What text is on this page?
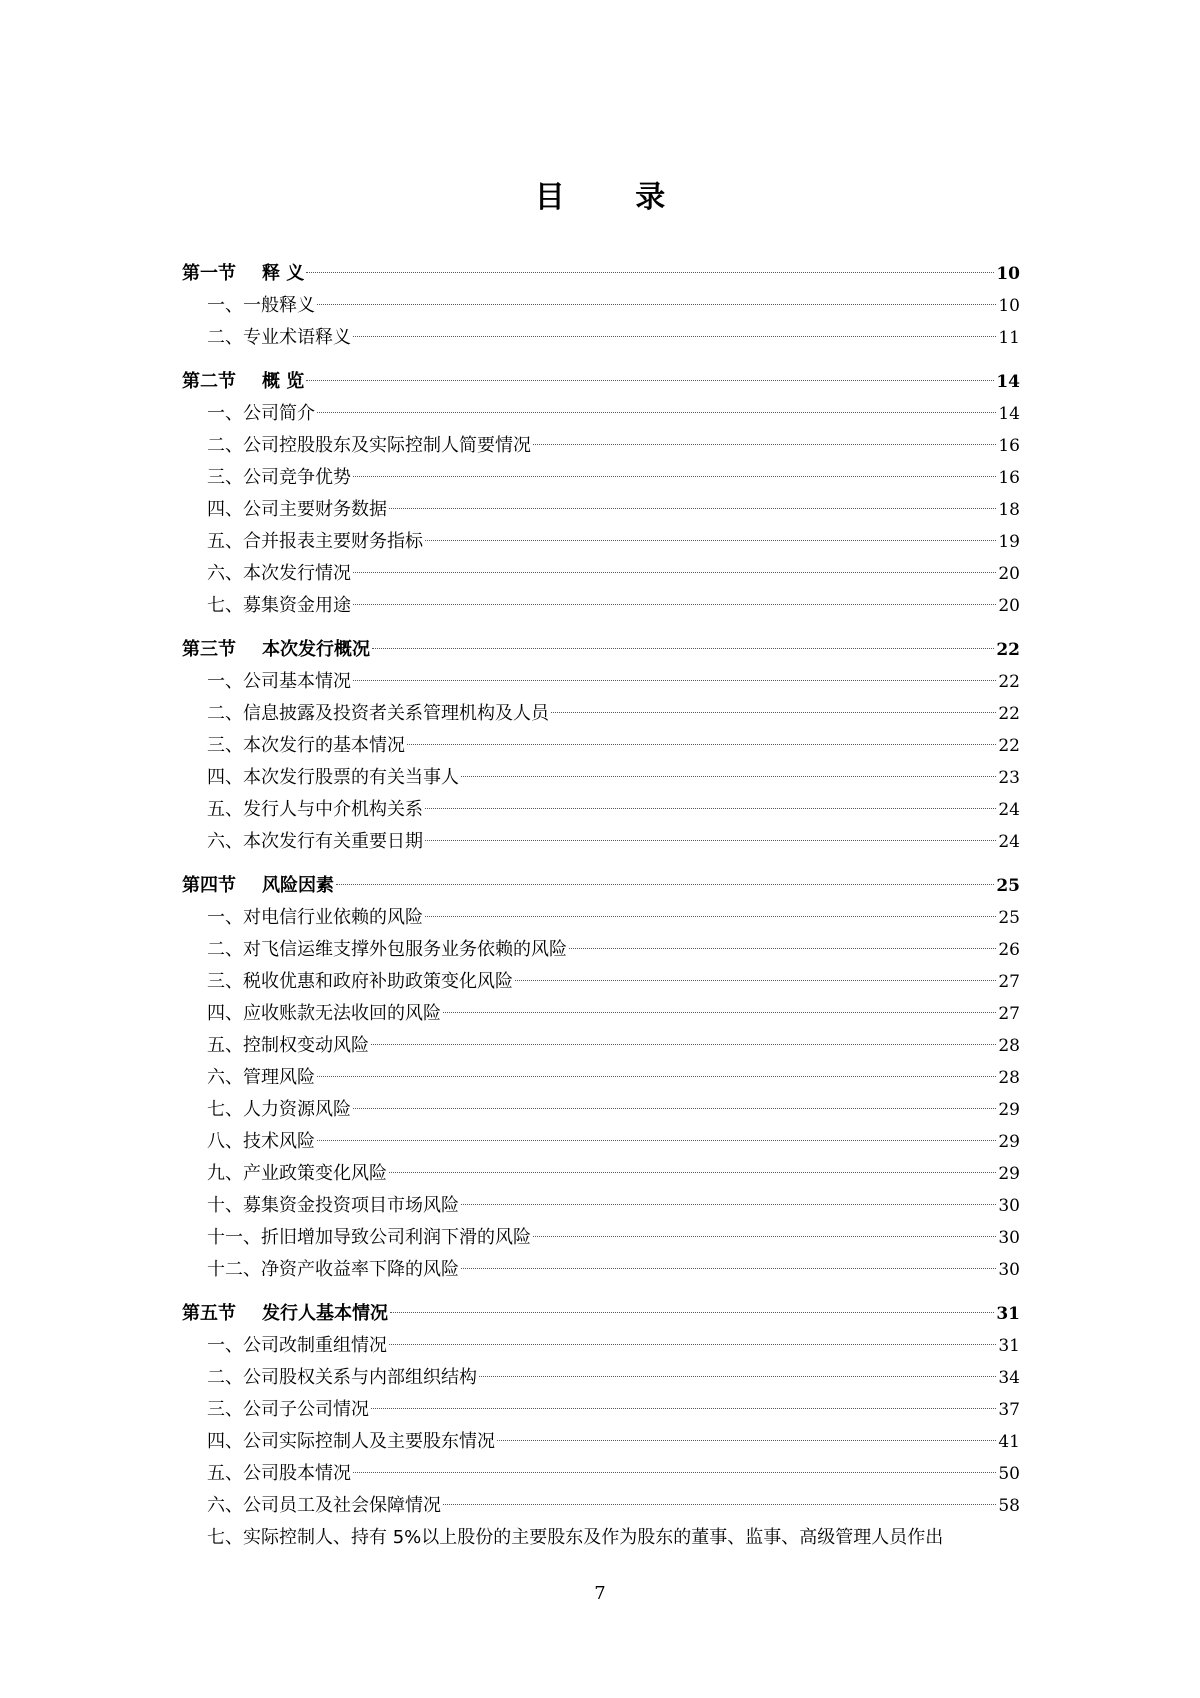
目 录
第一节 释 义	10
一、一般释义	10
二、专业术语释义	11
第二节 概 览	14
一、公司简介	14
二、公司控股股东及实际控制人简要情况	16
三、公司竞争优势	16
四、公司主要财务数据	18
五、合并报表主要财务指标	19
六、本次发行情况	20
七、募集资金用途	20
第三节 本次发行概况	22
一、公司基本情况	22
二、信息披露及投资者关系管理机构及人员	22
三、本次发行的基本情况	22
四、本次发行股票的有关当事人	23
五、发行人与中介机构关系	24
六、本次发行有关重要日期	24
第四节 风险因素	25
一、对电信行业依赖的风险	25
二、对飞信运维支撑外包服务业务依赖的风险	26
三、税收优惠和政府补助政策变化风险	27
四、应收账款无法收回的风险	27
五、控制权变动风险	28
六、管理风险	28
七、人力资源风险	29
八、技术风险	29
九、产业政策变化风险	29
十、募集资金投资项目市场风险	30
十一、折旧增加导致公司利润下滑的风险	30
十二、净资产收益率下降的风险	30
第五节 发行人基本情况	31
一、公司改制重组情况	31
二、公司股权关系与内部组织结构	34
三、公司子公司情况	37
四、公司实际控制人及主要股东情况	41
五、公司股本情况	50
六、公司员工及社会保障情况	58
七、实际控制人、持有 5%以上股份的主要股东及作为股东的董事、监事、高级管理人员作出
7
